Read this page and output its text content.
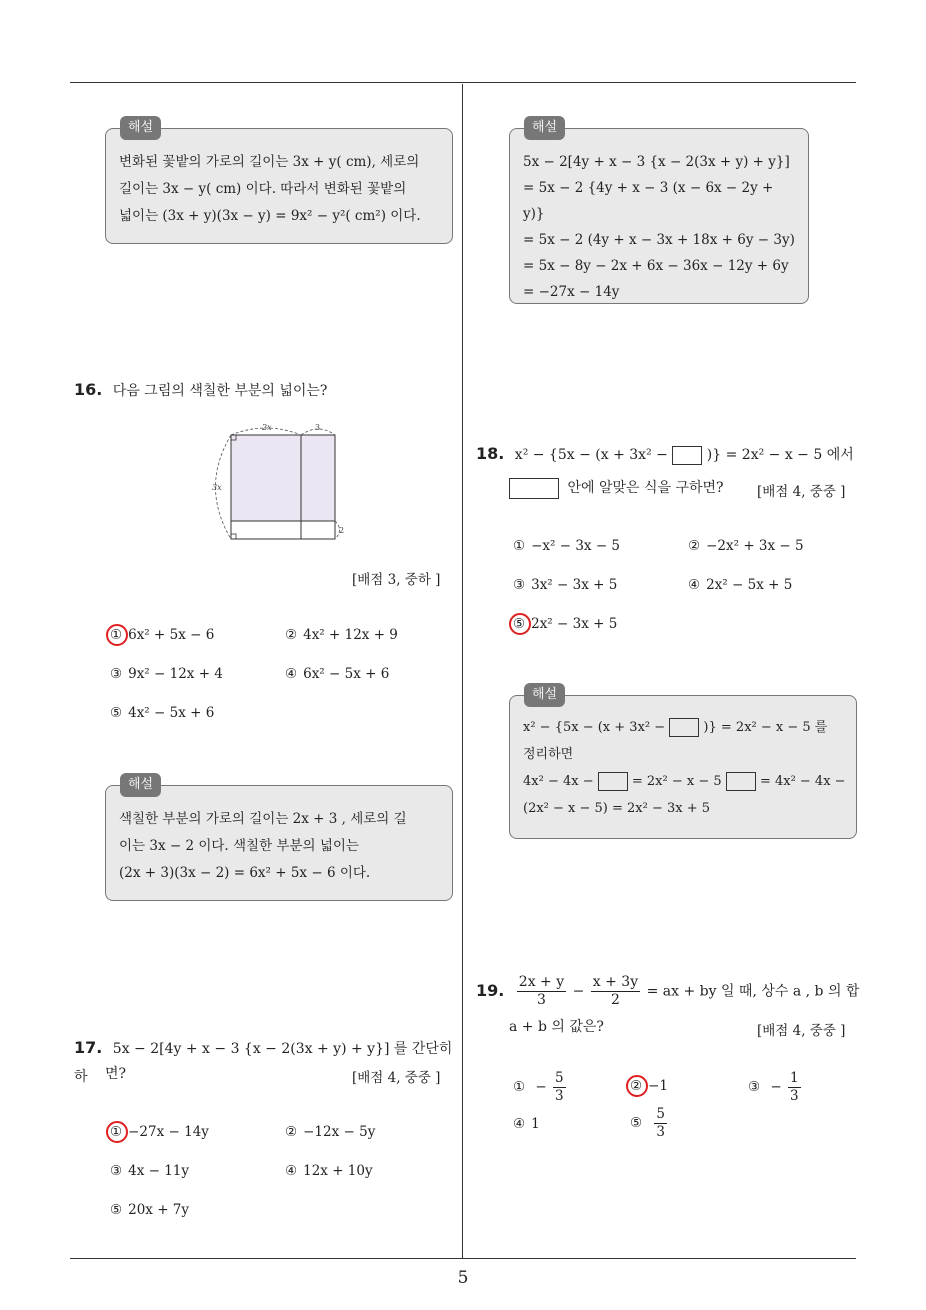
해설
변화된 꽃밭의 가로의 길이는 3x + y( cm), 세로의
길이는 3x − y( cm) 이다. 따라서 변화된 꽃밭의
넓이는 (3x + y)(3x − y) = 9x² − y²( cm²) 이다.
16. 다음 그림의 색칠한 부분의 넓이는?
2x	3
3x
2
[배점 3, 중하 ]
① 6x² + 5x − 6	② 4x² + 12x + 9
③ 9x² − 12x + 4	④ 6x² − 5x + 6
⑤ 4x² − 5x + 6
해설
색칠한 부분의 가로의 길이는 2x + 3 , 세로의 길
이는 3x − 2 이다. 색칠한 부분의 넓이는
(2x + 3)(3x − 2) = 6x² + 5x − 6 이다.
17. 5x − 2[4y + x − 3 {x − 2(3x + y) + y}] 를 간단히 하	면?	[배점 4, 중중 ]
① −27x − 14y	② −12x − 5y
③ 4x − 11y	④ 12x + 10y
⑤ 20x + 7y
해설
5x − 2[4y + x − 3 {x − 2(3x + y) + y}]
= 5x − 2 {4y + x − 3 (x − 6x − 2y + y)}
= 5x − 2 (4y + x − 3x + 18x + 6y − 3y)
= 5x − 8y − 2x + 6x − 36x − 12y + 6y
= −27x − 14y
18. x² − {5x − (x + 3x² −	)} = 2x² − x − 5 에서
안에 알맞은 식을 구하면? [배점 4, 중중 ]
① −x² − 3x − 5	② −2x² + 3x − 5
③ 3x² − 3x + 5	④ 2x² − 5x + 5
⑤ 2x² − 3x + 5
해설
x² − {5x − (x + 3x² −	)} = 2x² − x − 5 를
정리하면
4x² − 4x −	= 2x² − x − 5	= 4x² − 4x −
(2x² − x − 5) = 2x² − 3x + 5
19. $\frac{2x + y}{3} - \frac{x + 3y}{2}$ = ax + by 일 때, 상수 a , b 의 합
a + b 의 값은?	[배점 4, 중중 ]
① − $\frac{5}{3}$	② −1	③ − $\frac{1}{3}$
④ 1	⑤ $\frac{5}{3}$
5
